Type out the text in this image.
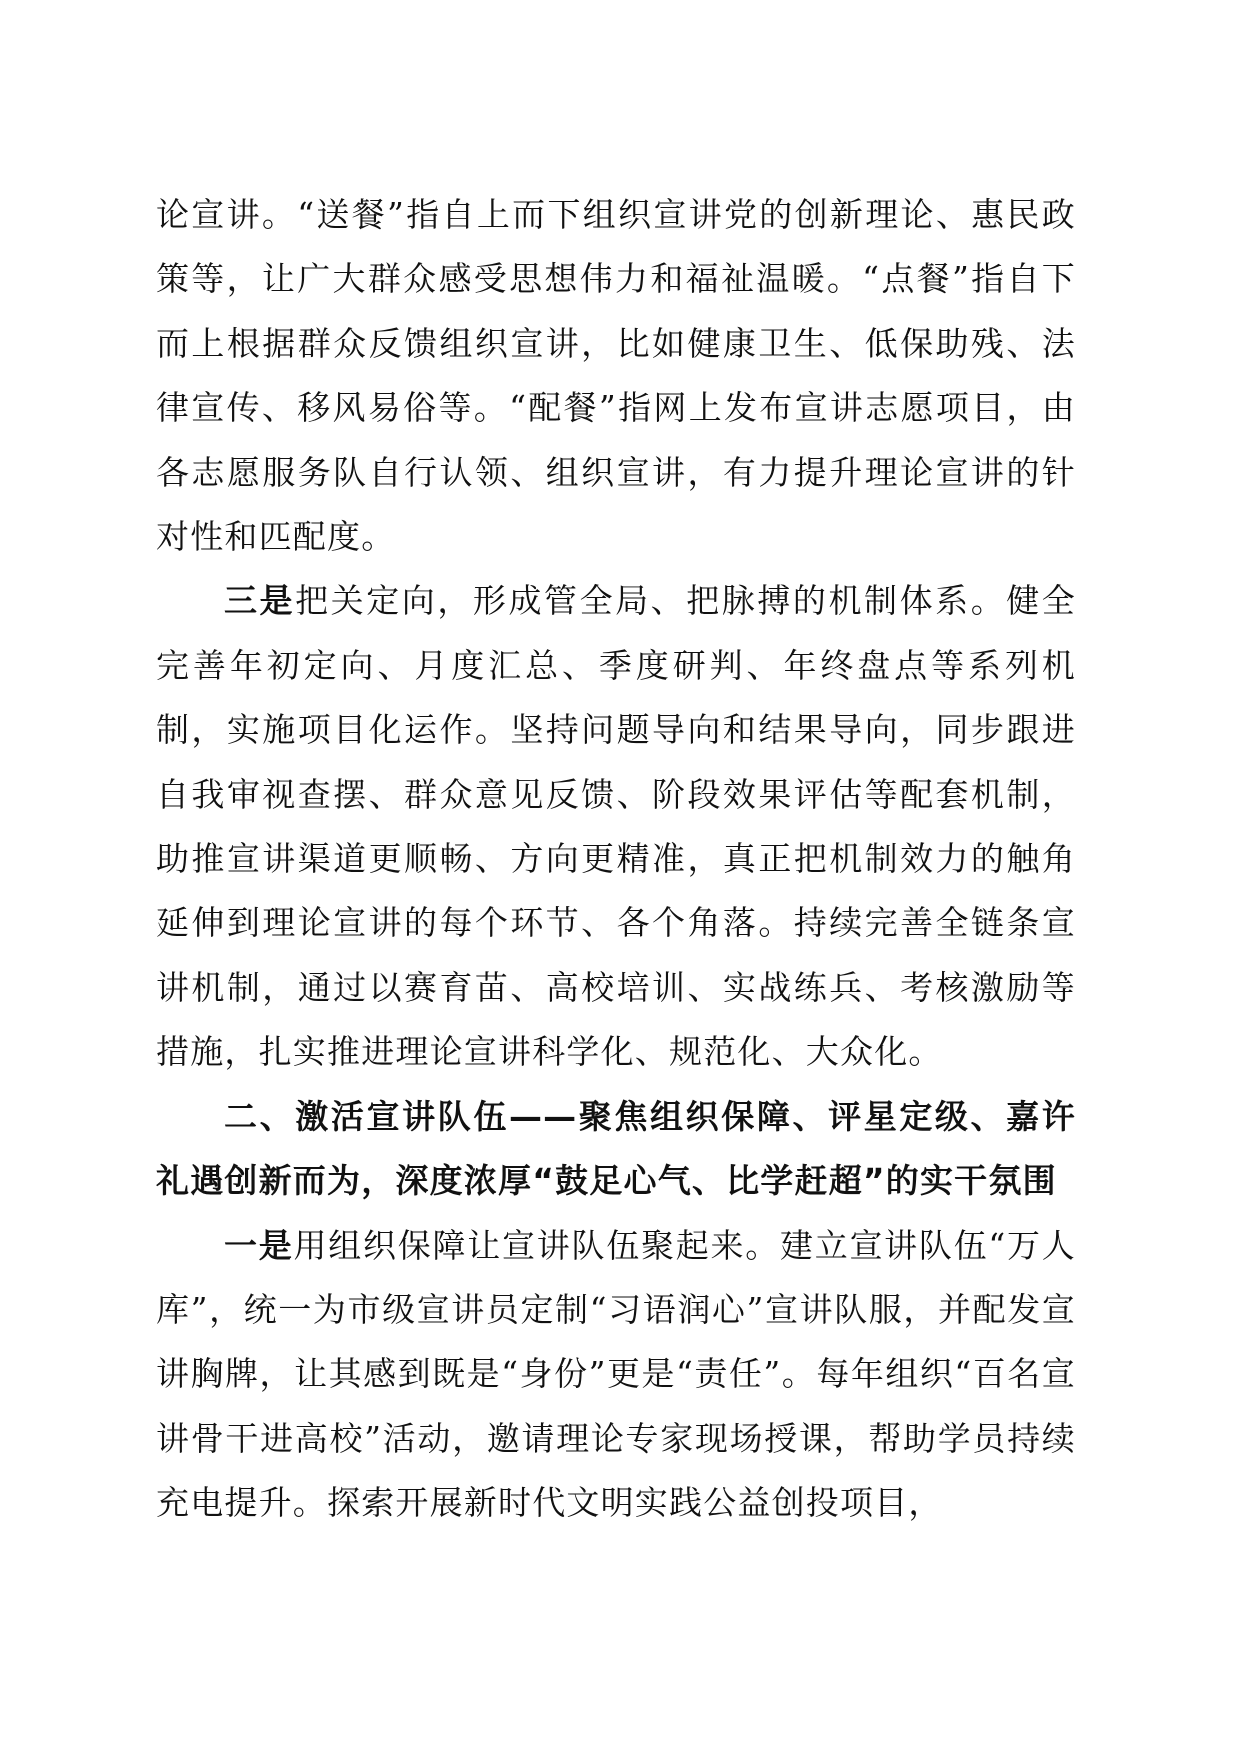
论宣讲。“送餐”指自上而下组织宣讲党的创新理论、惠民政策等，让广大群众感受思想伟力和福祉温暖。“点餐”指自下而上根据群众反馈组织宣讲，比如健康卫生、低保助残、法律宣传、移风易俗等。“配餐”指网上发布宣讲志愿项目，由各志愿服务队自行认领、组织宣讲，有力提升理论宣讲的针对性和匹配度。

三是把关定向，形成管全局、把脉搏的机制体系。健全完善年初定向、月度汇总、季度研判、年终盘点等系列机制，实施项目化运作。坚持问题导向和结果导向，同步跟进自我审视查摆、群众意见反馈、阶段效果评估等配套机制，助推宣讲渠道更顺畅、方向更精准，真正把机制效力的触角延伸到理论宣讲的每个环节、各个角落。持续完善全链条宣讲机制，通过以赛育苗、高校培训、实战练兵、考核激励等措施，扎实推进理论宣讲科学化、规范化、大众化。

二、激活宣讲队伍——聚焦组织保障、评星定级、嘉许礼遇创新而为，深度浓厚“鼓足心气、比学赶超”的实干氛围

一是用组织保障让宣讲队伍聚起来。建立宣讲队伍“万人库”，统一为市级宣讲员定制“习语润心”宣讲队服，并配发宣讲胸牌，让其感到既是“身份”更是“责任”。每年组织“百名宣讲骨干进高校”活动，邀请理论专家现场授课，帮助学员持续充电提升。探索开展新时代文明实践公益创投项目，
